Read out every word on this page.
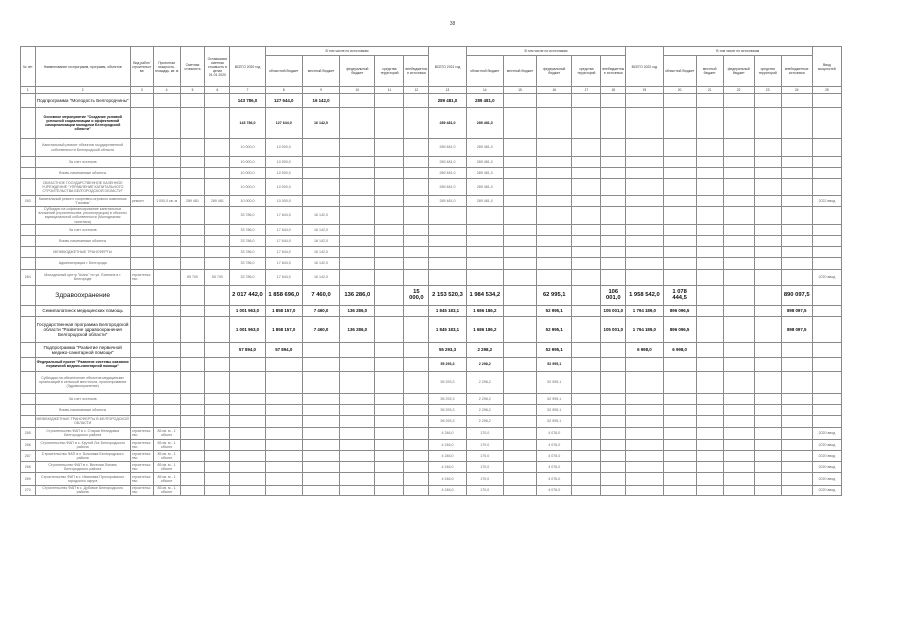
38
№ п/п	Наименование госпрограмм, программ, объектов	Вид работ/строительства	Проектная мощность, площадь, кв. м	Сметная стоимость	Оставшаяся сметная стоимость в ценах 01.01.2020	ВСЕГО 2020 год	В том числе по источникам					ВСЕГО 2021 год	В том числе по источникам					ВСЕГО 2022 год	В том числе по источникам					Ввод мощностей
							областной бюджет	местный бюджет	федеральный бюджет	средства территорий	внебюджетные источники		областной бюджет	местный бюджет	федеральный бюджет	средства территорий	внебюджетные источники		областной бюджет	местный бюджет	федеральный бюджет	средства территорий	внебюджетные источники	
1	2	3	4	5	6	7	8	9	10	11	12	13	14	15	16	17	18	19	20	21	22	23	24	25
	Подпрограмма "Молодость Белгородчины"					143 786,0	127 644,0	16 142,0				289 481,0	289 481,0											
	Основное мероприятие "Создание условий успешной социализации и эффективной самореализации молодежи Белгородской области"					143 786,0	127 644,0	16 142,0				289 481,0	289 481,0											
	Капитальный ремонт объектов государственной собственности Белгородской области					10 000,0	10 000,0					289 481,0	289 481,0											
	За счет остатков					10 000,0	10 000,0					289 481,0	289 481,0											
	Вновь начинаемые объекты					10 000,0	10 000,0					289 481,0	289 481,0											
	ОБЛАСТНОЕ ГОСУДАРСТВЕННОЕ КАЗЕННОЕ УЧРЕЖДЕНИЕ "УПРАВЛЕНИЕ КАПИТАЛЬНОГО СТРОИТЕЛЬСТВА БЕЛГОРОДСКОЙ ОБЛАСТИ"					10 000,0	10 000,0					289 481,0	289 481,0											
263	Капитальный ремонт спортивно-игрового комплекса "Газовик"	ремонт	1 000,0 кв. м	289 481	289 481	10 000,0	10 000,0					289 481,0	289 481,0											2022 ввод
	Субсидии на софинансирование капитальных вложений (строительства, реконструкции) в объекты муниципальной собственности (Молодежная политика)					33 786,0	17 644,0	16 142,0																
	За счет остатков					33 786,0	17 644,0	16 142,0																
	Вновь начинаемые объекты					33 786,0	17 644,0	16 142,0																
	МЕЖБЮДЖЕТНЫЕ ТРАНСФЕРТЫ					33 786,0	17 644,0	16 142,0																
	Администрация г. Белгорода					33 786,0	17 644,0	16 142,0																
264	Молодежный центр "Шанс" по ул. Есенина в г. Белгороде	строительство		65 700	65 700	33 786,0	17 644,0	16 142,0																2020 ввод
	Здравоохранение					2 017 442,0	1 858 696,0	7 460,0	136 286,0		15 000,0	2 153 520,3	1 984 534,2		62 995,1		106 001,0	1 958 542,0	1 078 444,5				890 097,5	
	Семипалатинск медицинских помощь					1 001 963,0	1 858 157,0	7 460,0	136 286,0			1 845 183,1	1 686 186,2		52 995,1		105 001,0	1 794 189,0	896 096,5				898 097,5	
	Государственная программа Белгородской области "Развитие здравоохранения Белгородской области"					1 001 963,0	1 858 157,0	7 460,0	136 286,0			1 845 183,1	1 686 186,2		52 995,1		105 001,0	1 794 189,0	896 096,5				898 097,5	
	Подпрограмма "Развитие первичной медико-санитарной помощи"					57 894,0	57 894,0					55 293,3	2 298,2		52 995,1			6 998,0	6 998,0					
	Федеральный проект "Развитие системы оказания первичной медико-санитарной помощи"											55 293,3	2 298,2		52 995,1									
	Субсидии на обеспечение объектов медицинских организаций в сельской местности, проектирование (Здравоохранение)											55 293,3	2 298,2		52 995,1									
	За счет остатков											55 293,3	2 298,2		52 995,1									
	Вновь начинаемые объекты											55 293,3	2 298,2		52 995,1									
	МЕЖБЮДЖЕТНЫЕ ТРАНСФЕРТЫ В БЕЛГОРОДСКОЙ ОБЛАСТИ											55 293,3	2 298,2		52 995,1									
265	Строительство ФАП в с. Старая Нелидовка Белгородского района	строительство	85 кв. м - 1 объект									4 246,0	170,0		4 076,0									2020 ввод
266	Строительство ФАП в с. Крутой Лог Белгородского района	строительство	85 кв. м - 1 объект									4 246,0	170,0		4 076,0									2020 ввод
267	Строительство ФАП в с. Бочковка Белгородского района	строительство	85 кв. м - 1 объект									4 246,0	170,0		4 076,0									2020 ввод
268	Строительство ФАП в с. Веселая Лопань Белгородского района	строительство	85 кв. м - 1 объект									4 246,0	170,0		4 076,0									2020 ввод
269	Строительство ФАП в с. Ивановка Прохоровского городского округа	строительство	85 кв. м - 1 объект									4 246,0	170,0		4 076,0									2020 ввод
270	Строительство ФАП в с. Дубовое Белгородского района	строительство	85 кв. м - 1 объект									4 246,0	170,0		4 076,0									2020 ввод
